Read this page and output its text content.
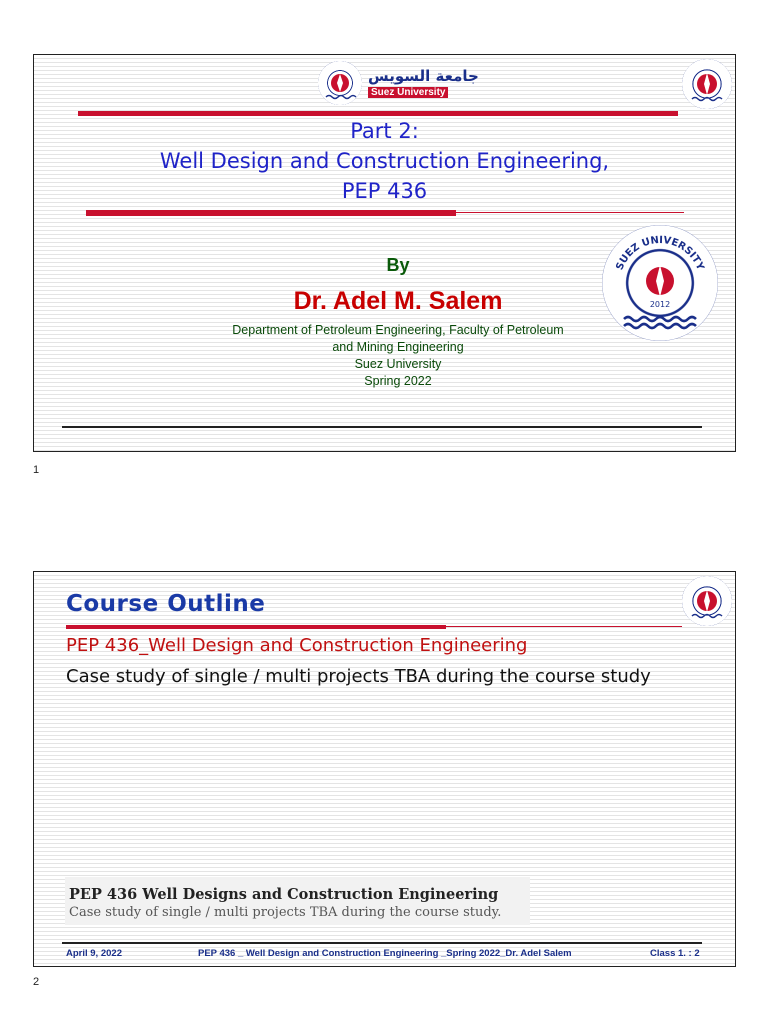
جامعة السويس
Suez University
Part 2:
Well Design and Construction Engineering,
PEP 436
By
Dr. Adel M. Salem
Department of Petroleum Engineering, Faculty of Petroleum
and Mining Engineering
Suez University
Spring 2022
SUEZ UNIVERSITY
2012
1
Course Outline
PEP 436_Well Design and Construction Engineering
Case study of single / multi projects TBA during the course study
PEP 436 Well Designs and Construction Engineering
Case study of single / multi projects TBA during the course study.
April 9, 2022	PEP 436 _ Well Design and Construction Engineering _Spring 2022_Dr. Adel Salem	Class 1. : 2
2
